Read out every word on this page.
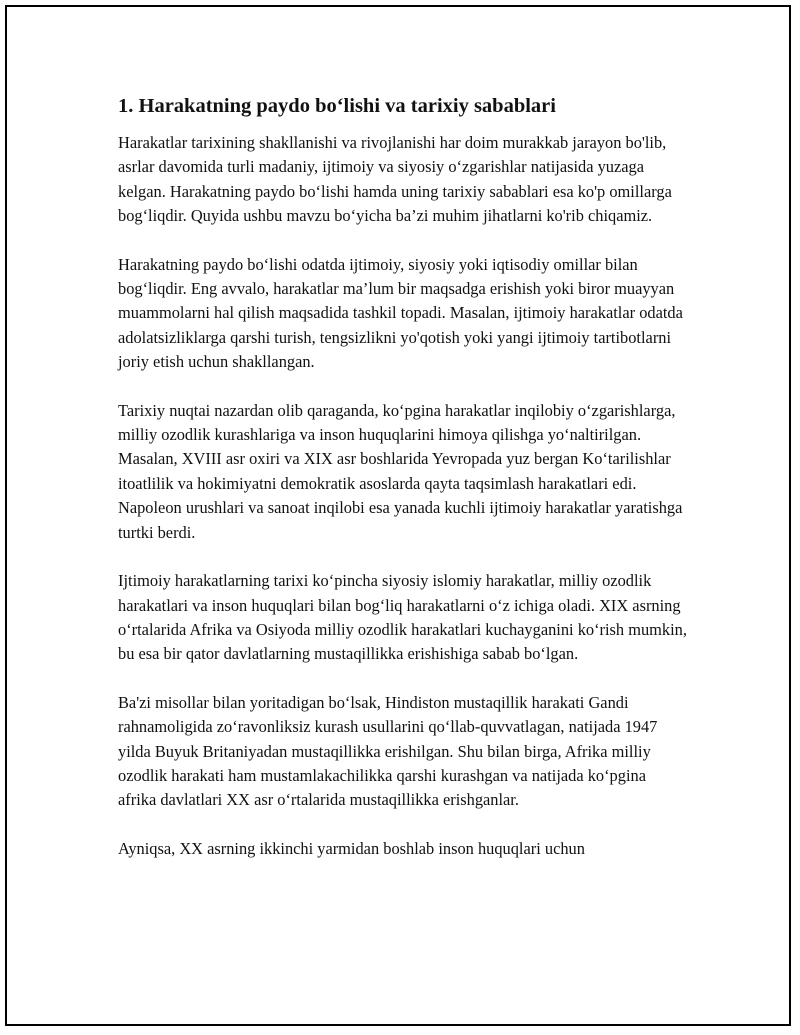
1. Harakatning paydo bo‘lishi va tarixiy sabablari

Harakatlar tarixining shakllanishi va rivojlanishi har doim murakkab jarayon bo'lib, asrlar davomida turli madaniy, ijtimoiy va siyosiy o‘zgarishlar natijasida yuzaga kelgan. Harakatning paydo bo‘lishi hamda uning tarixiy sabablari esa ko'p omillarga bog‘liqdir. Quyida ushbu mavzu bo‘yicha ba’zi muhim jihatlarni ko'rib chiqamiz.

Harakatning paydo bo‘lishi odatda ijtimoiy, siyosiy yoki iqtisodiy omillar bilan bog‘liqdir. Eng avvalo, harakatlar ma’lum bir maqsadga erishish yoki biror muayyan muammolarni hal qilish maqsadida tashkil topadi. Masalan, ijtimoiy harakatlar odatda adolatsizliklarga qarshi turish, tengsizlikni yo'qotish yoki yangi ijtimoiy tartibotlarni joriy etish uchun shakllangan.

Tarixiy nuqtai nazardan olib qaraganda, ko‘pgina harakatlar inqilobiy o‘zgarishlarga, milliy ozodlik kurashlariga va inson huquqlarini himoya qilishga yo‘naltirilgan. Masalan, XVIII asr oxiri va XIX asr boshlarida Yevropada yuz bergan Ko‘tarilishlar itoatlilik va hokimiyatni demokratik asoslarda qayta taqsimlash harakatlari edi. Napoleon urushlari va sanoat inqilobi esa yanada kuchli ijtimoiy harakatlar yaratishga turtki berdi.

Ijtimoiy harakatlarning tarixi ko‘pincha siyosiy islomiy harakatlar, milliy ozodlik harakatlari va inson huquqlari bilan bog‘liq harakatlarni o‘z ichiga oladi. XIX asrning o‘rtalarida Afrika va Osiyoda milliy ozodlik harakatlari kuchayganini ko‘rish mumkin, bu esa bir qator davlatlarning mustaqillikka erishishiga sabab bo‘lgan.

Ba'zi misollar bilan yoritadigan bo‘lsak, Hindiston mustaqillik harakati Gandi rahnamoligida zo‘ravonliksiz kurash usullarini qo‘llab-quvvatlagan, natijada 1947 yilda Buyuk Britaniyadan mustaqillikka erishilgan. Shu bilan birga, Afrika milliy ozodlik harakati ham mustamlakachilikka qarshi kurashgan va natijada ko‘pgina afrika davlatlari XX asr o‘rtalarida mustaqillikka erishganlar.

Ayniqsa, XX asrning ikkinchi yarmidan boshlab inson huquqlari uchun
